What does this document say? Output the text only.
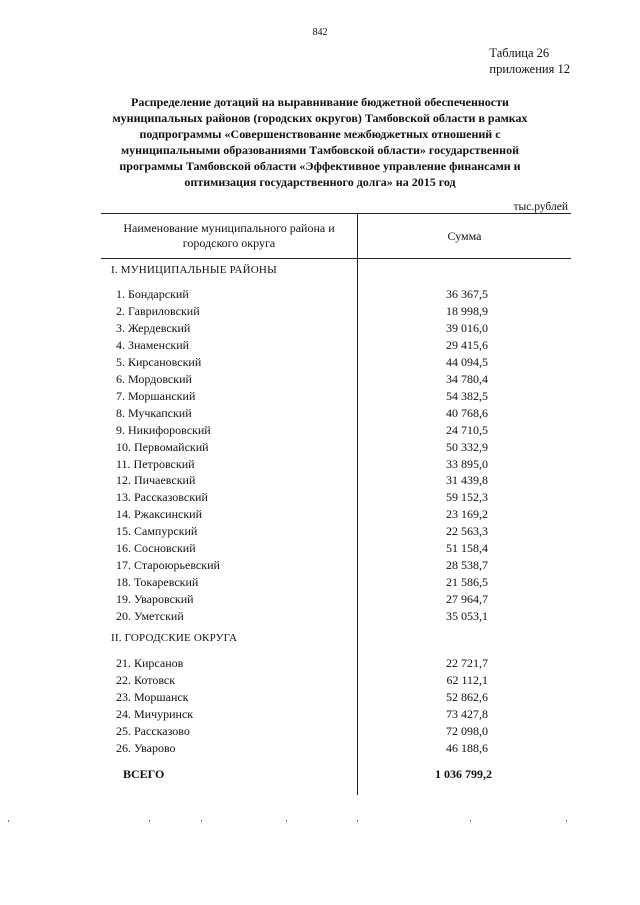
842
Таблица 26
приложения 12
Распределение дотаций на выравнивание бюджетной обеспеченности
муниципальных районов (городских округов) Тамбовской области в рамках
подпрограммы «Совершенствование межбюджетных отношений с
муниципальными образованиями Тамбовской области» государственной
программы Тамбовской области «Эффективное управление финансами и
оптимизация государственного долга» на 2015 год
тыс.рублей
Наименование муниципального района и
городского округа
Сумма
I. МУНИЦИПАЛЬНЫЕ РАЙОНЫ
1. Бондарский	36 367,5
2. Гавриловский	18 998,9
3. Жердевский	39 016,0
4. Знаменский	29 415,6
5. Кирсановский	44 094,5
6. Мордовский	34 780,4
7. Моршанский	54 382,5
8. Мучкапский	40 768,6
9. Никифоровский	24 710,5
10. Первомайский	50 332,9
11. Петровский	33 895,0
12. Пичаевский	31 439,8
13. Рассказовский	59 152,3
14. Ржаксинский	23 169,2
15. Сампурский	22 563,3
16. Сосновский	51 158,4
17. Староюрьевский	28 538,7
18. Токаревский	21 586,5
19. Уваровский	27 964,7
20. Уметский	35 053,1
II. ГОРОДСКИЕ ОКРУГА
21. Кирсанов	22 721,7
22. Котовск	62 112,1
23. Моршанск	52 862,6
24. Мичуринск	73 427,8
25. Рассказово	72 098,0
26. Уварово	46 188,6
ВСЕГО	1 036 799,2
